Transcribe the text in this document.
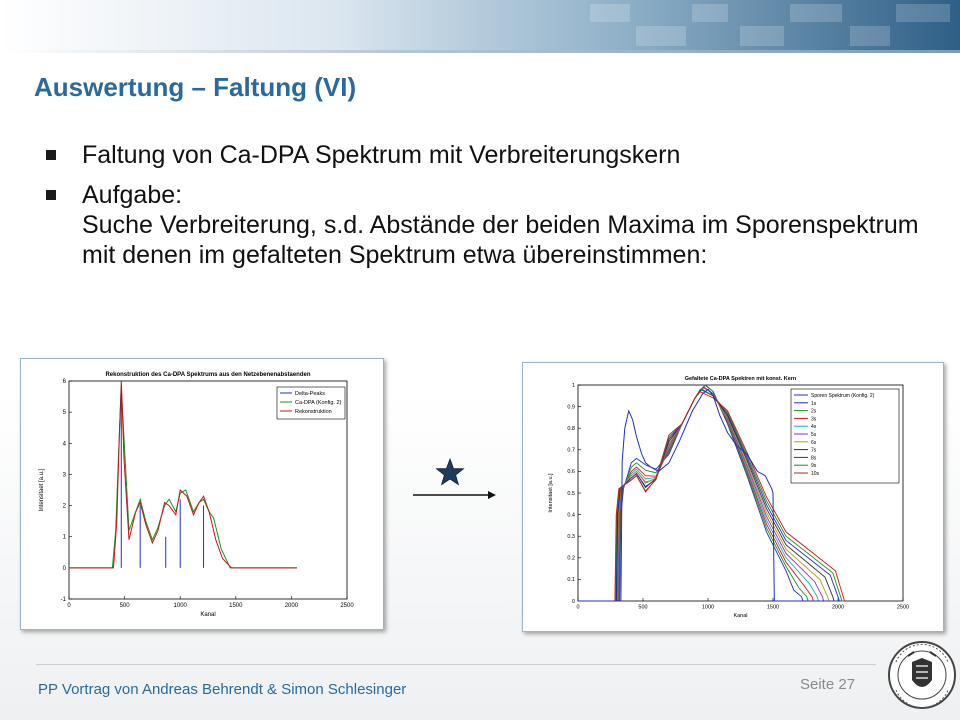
Auswertung – Faltung (VI)
Faltung von Ca-DPA Spektrum mit Verbreiterungskern
Aufgabe:
Suche Verbreiterung, s.d. Abstände der beiden Maxima im Sporenspektrum mit denen im gefalteten Spektrum etwa übereinstimmen:
0	500	1000	1500	2000	2500
-1
0
1
2
3
4
5
6
Rekonstruktion des Ca-DPA Spektrums aus den Netzebenenabstaenden
Kanal
Intensitaet [a.u.]
Delta-Peaks
Ca-DPA (Konfig. 2)
Rekonstruktion
0	500	1000	1500	2000	2500
0
0.1
0.2
0.3
0.4
0.5
0.6
0.7
0.8
0.9
1
Gefaltete Ca-DPA Spektren mit konst. Kern
Kanal
Intensitaet [a.u.]
Sporen Spektrum (Konfig. 2)
1s
2s
3s
4s
5s
6s
7s
8s
9s
10s
PP Vortrag von Andreas Behrendt & Simon Schlesinger	Seite 27
